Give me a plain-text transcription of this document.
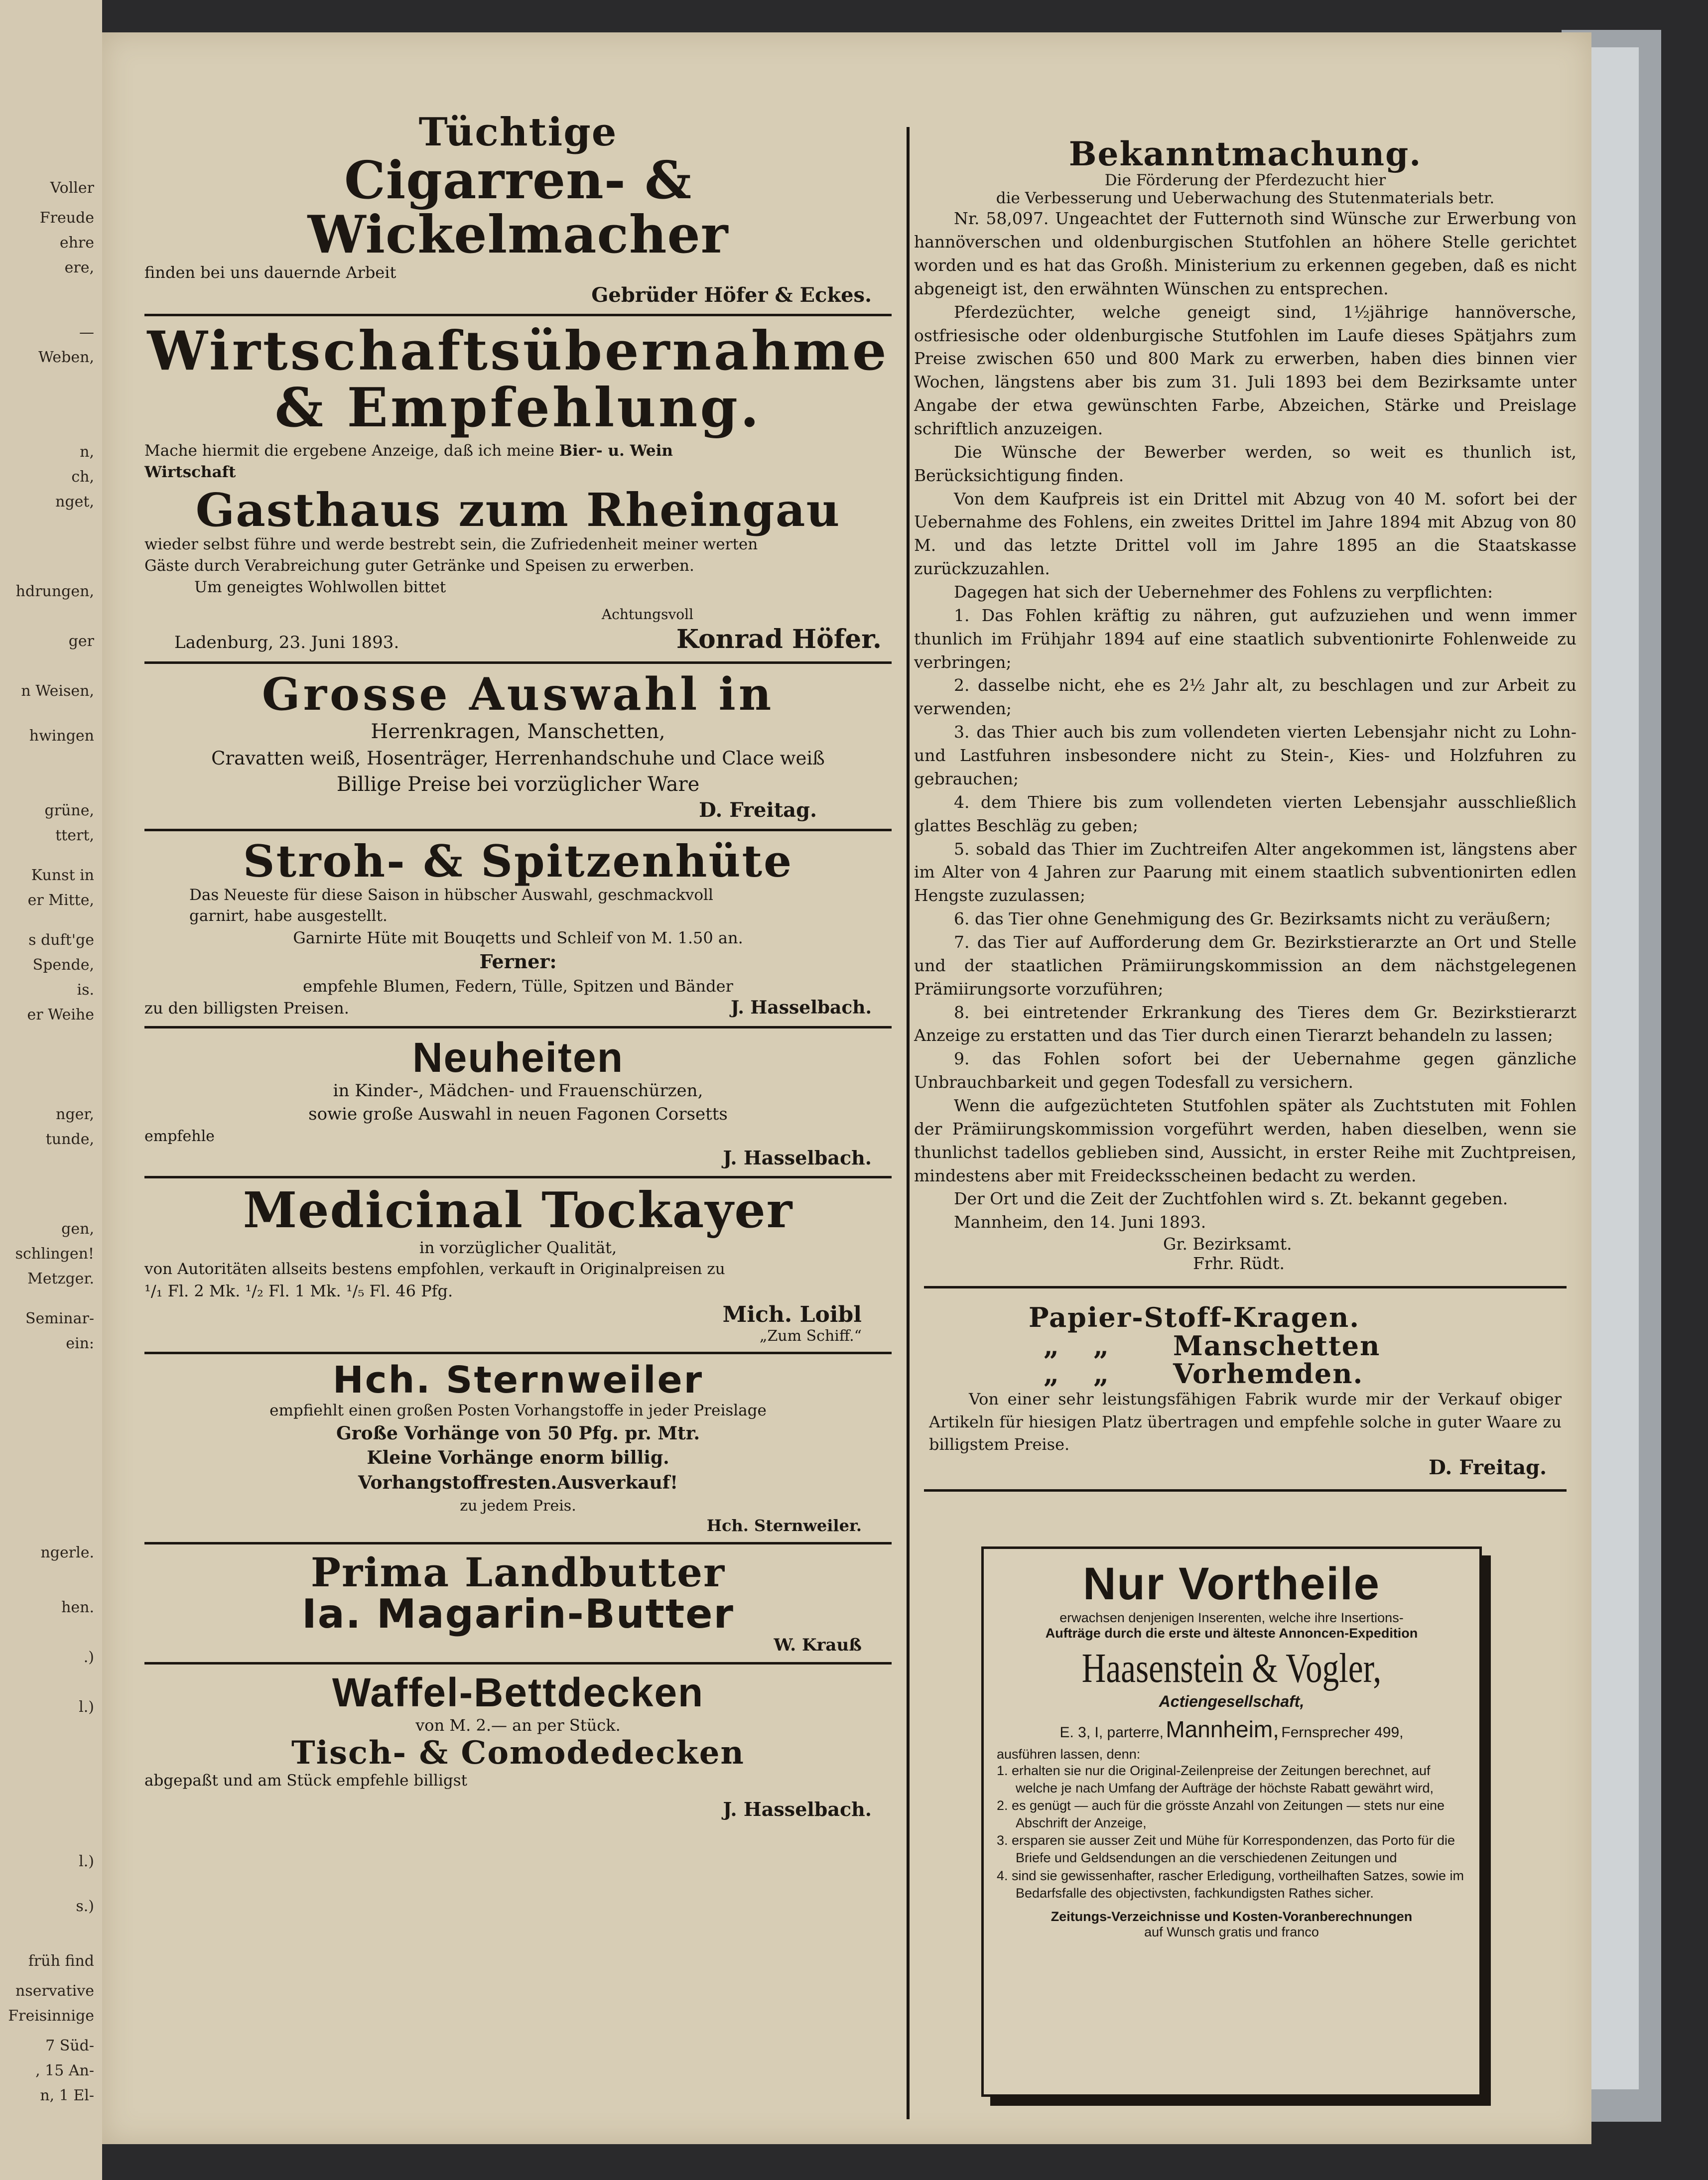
Voller
Freude
ehre
ere,
—
Weben,
n,
ch,
nget,
hdrungen,
ger
n Weisen,
hwingen
grüne,
ttert,
Kunst in
er Mitte,
s duft'ge
Spende,
is.
er Weihe
nger,
tunde,
gen,
schlingen!
Metzger.
Seminar-
ein:
ngerle.
hen.
.)
l.)
l.)
s.)
früh find
nservative
Freisinnige
7 Süd-
, 15 An-
n, 1 El-
Tüchtige
Cigarren- & Wickelmacher
finden bei uns dauernde Arbeit
Gebrüder Höfer & Eckes.
Wirtschaftsübernahme
& Empfehlung.
Mache hiermit die ergebene Anzeige, daß ich meine Bier- u. Wein
Wirtschaft
Gasthaus zum Rheingau
wieder selbst führe und werde bestrebt sein, die Zufriedenheit meiner werten
Gäste durch Verabreichung guter Getränke und Speisen zu erwerben.
Um geneigtes Wohlwollen bittet
Achtungsvoll
Ladenburg, 23. Juni 1893.	Konrad Höfer.
Grosse Auswahl in
Herrenkragen, Manschetten,
Cravatten weiß, Hosenträger, Herrenhandschuhe und Clace weiß
Billige Preise bei vorzüglicher Ware
D. Freitag.
Stroh- & Spitzenhüte
Das Neueste für diese Saison in hübscher Auswahl, geschmackvoll
garnirt, habe ausgestellt.
Garnirte Hüte mit Bouqetts und Schleif von M. 1.50 an.
Ferner:
empfehle Blumen, Federn, Tülle, Spitzen und Bänder
zu den billigsten Preisen.	J. Hasselbach.
Neuheiten
in Kinder-, Mädchen- und Frauenschürzen,
sowie große Auswahl in neuen Fagonen Corsetts
empfehle
J. Hasselbach.
Medicinal Tockayer
in vorzüglicher Qualität,
von Autoritäten allseits bestens empfohlen, verkauft in Originalpreisen zu
¹/₁ Fl. 2 Mk. ¹/₂ Fl. 1 Mk. ¹/₅ Fl. 46 Pfg.
Mich. Loibl
„Zum Schiff.“
Hch. Sternweiler
empfiehlt einen großen Posten Vorhangstoffe in jeder Preislage
Große Vorhänge von 50 Pfg. pr. Mtr.
Kleine Vorhänge enorm billig.
Vorhangstoffresten.Ausverkauf!
zu jedem Preis.
Hch. Sternweiler.
Prima Landbutter
Ia. Magarin-Butter
W. Krauß
Waffel-Bettdecken
von M. 2.— an per Stück.
Tisch- & Comodedecken
abgepaßt und am Stück empfehle billigst
J. Hasselbach.
Bekanntmachung.
Die Förderung der Pferdezucht hier
die Verbesserung und Ueberwachung des Stutenmaterials betr.
Nr. 58,097. Ungeachtet der Futternoth sind Wünsche zur Erwerbung von hannöverschen und oldenburgischen Stutfohlen an höhere Stelle gerichtet worden und es hat das Großh. Ministerium zu erkennen gegeben, daß es nicht abgeneigt ist, den erwähnten Wünschen zu entsprechen.
Pferdezüchter, welche geneigt sind, 1½jährige hannöversche, ostfriesische oder oldenburgische Stutfohlen im Laufe dieses Spätjahrs zum Preise zwischen 650 und 800 Mark zu erwerben, haben dies binnen vier Wochen, längstens aber bis zum 31. Juli 1893 bei dem Bezirksamte unter Angabe der etwa gewünschten Farbe, Abzeichen, Stärke und Preislage schriftlich anzuzeigen.
Die Wünsche der Bewerber werden, so weit es thunlich ist, Berücksichtigung finden.
Von dem Kaufpreis ist ein Drittel mit Abzug von 40 M. sofort bei der Uebernahme des Fohlens, ein zweites Drittel im Jahre 1894 mit Abzug von 80 M. und das letzte Drittel voll im Jahre 1895 an die Staatskasse zurückzuzahlen.
Dagegen hat sich der Uebernehmer des Fohlens zu verpflichten:
1. Das Fohlen kräftig zu nähren, gut aufzuziehen und wenn immer thunlich im Frühjahr 1894 auf eine staatlich subventionirte Fohlenweide zu verbringen;
2. dasselbe nicht, ehe es 2½ Jahr alt, zu beschlagen und zur Arbeit zu verwenden;
3. das Thier auch bis zum vollendeten vierten Lebensjahr nicht zu Lohn- und Lastfuhren insbesondere nicht zu Stein-, Kies- und Holzfuhren zu gebrauchen;
4. dem Thiere bis zum vollendeten vierten Lebensjahr ausschließlich glattes Beschläg zu geben;
5. sobald das Thier im Zuchtreifen Alter angekommen ist, längstens aber im Alter von 4 Jahren zur Paarung mit einem staatlich subventionirten edlen Hengste zuzulassen;
6. das Tier ohne Genehmigung des Gr. Bezirksamts nicht zu veräußern;
7. das Tier auf Aufforderung dem Gr. Bezirkstierarzte an Ort und Stelle und der staatlichen Prämiirungskommission an dem nächstgelegenen Prämiirungsorte vorzuführen;
8. bei eintretender Erkrankung des Tieres dem Gr. Bezirkstierarzt Anzeige zu erstatten und das Tier durch einen Tierarzt behandeln zu lassen;
9. das Fohlen sofort bei der Uebernahme gegen gänzliche Unbrauchbarkeit und gegen Todesfall zu versichern.
Wenn die aufgezüchteten Stutfohlen später als Zuchtstuten mit Fohlen der Prämiirungskommission vorgeführt werden, haben dieselben, wenn sie thunlichst tadellos geblieben sind, Aussicht, in erster Reihe mit Zuchtpreisen, mindestens aber mit Freidecksscheinen bedacht zu werden.
Der Ort und die Zeit der Zuchtfohlen wird s. Zt. bekannt gegeben.
Mannheim, den 14. Juni 1893.
Gr. Bezirksamt.
Frhr. Rüdt.
Papier-Stoff-Kragen.
„	„	Manschetten
„	„	Vorhemden.
Von einer sehr leistungsfähigen Fabrik wurde mir der Verkauf obiger Artikeln für hiesigen Platz übertragen und empfehle solche in guter Waare zu billigstem Preise.
D. Freitag.
Nur Vortheile
erwachsen denjenigen Inserenten, welche ihre Insertions-
Aufträge durch die erste und älteste Annoncen-Expedition
Haasenstein & Vogler,
Actiengesellschaft,
E. 3, I, parterre, Mannheim, Fernsprecher 499,
ausführen lassen, denn:

1. erhalten sie nur die Original-Zeilenpreise der Zeitungen berechnet, auf welche je nach Umfang der Aufträge der höchste Rabatt gewährt wird,

2. es genügt — auch für die grösste Anzahl von Zeitungen — stets nur eine Abschrift der Anzeige,

3. ersparen sie ausser Zeit und Mühe für Korrespondenzen, das Porto für die Briefe und Geldsendungen an die verschiedenen Zeitungen und

4. sind sie gewissenhafter, rascher Erledigung, vortheilhaften Satzes, sowie im Bedarfsfalle des objectivsten, fachkundigsten Rathes sicher.

Zeitungs-Verzeichnisse und Kosten-Voranberechnungen
auf Wunsch gratis und franco
